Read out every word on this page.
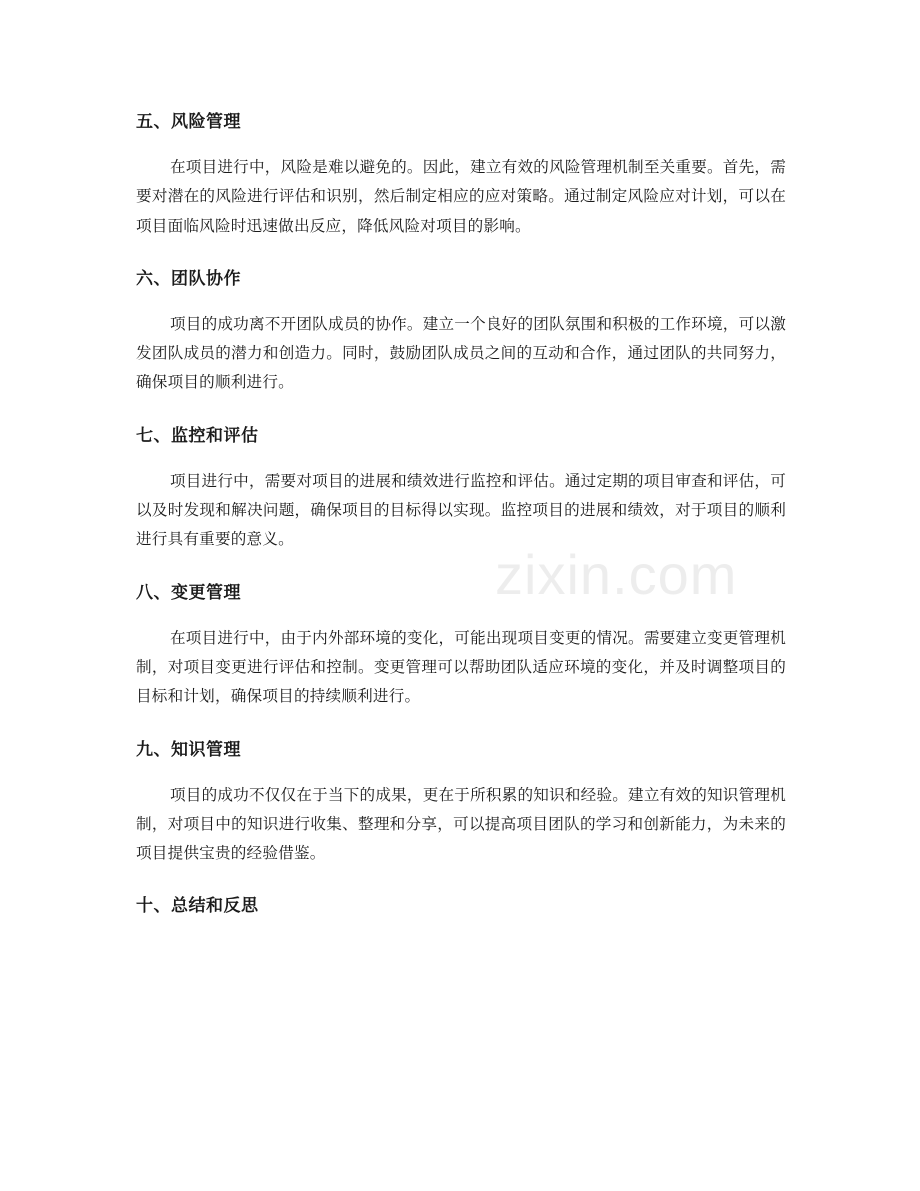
五、风险管理

在项目进行中，风险是难以避免的。因此，建立有效的风险管理机制至关重要。首先，需要对潜在的风险进行评估和识别，然后制定相应的应对策略。通过制定风险应对计划，可以在项目面临风险时迅速做出反应，降低风险对项目的影响。

六、团队协作

项目的成功离不开团队成员的协作。建立一个良好的团队氛围和积极的工作环境，可以激发团队成员的潜力和创造力。同时，鼓励团队成员之间的互动和合作，通过团队的共同努力，确保项目的顺利进行。

七、监控和评估

项目进行中，需要对项目的进展和绩效进行监控和评估。通过定期的项目审查和评估，可以及时发现和解决问题，确保项目的目标得以实现。监控项目的进展和绩效，对于项目的顺利进行具有重要的意义。

八、变更管理

在项目进行中，由于内外部环境的变化，可能出现项目变更的情况。需要建立变更管理机制，对项目变更进行评估和控制。变更管理可以帮助团队适应环境的变化，并及时调整项目的目标和计划，确保项目的持续顺利进行。

九、知识管理

项目的成功不仅仅在于当下的成果，更在于所积累的知识和经验。建立有效的知识管理机制，对项目中的知识进行收集、整理和分享，可以提高项目团队的学习和创新能力，为未来的项目提供宝贵的经验借鉴。

十、总结和反思
zixin.com
